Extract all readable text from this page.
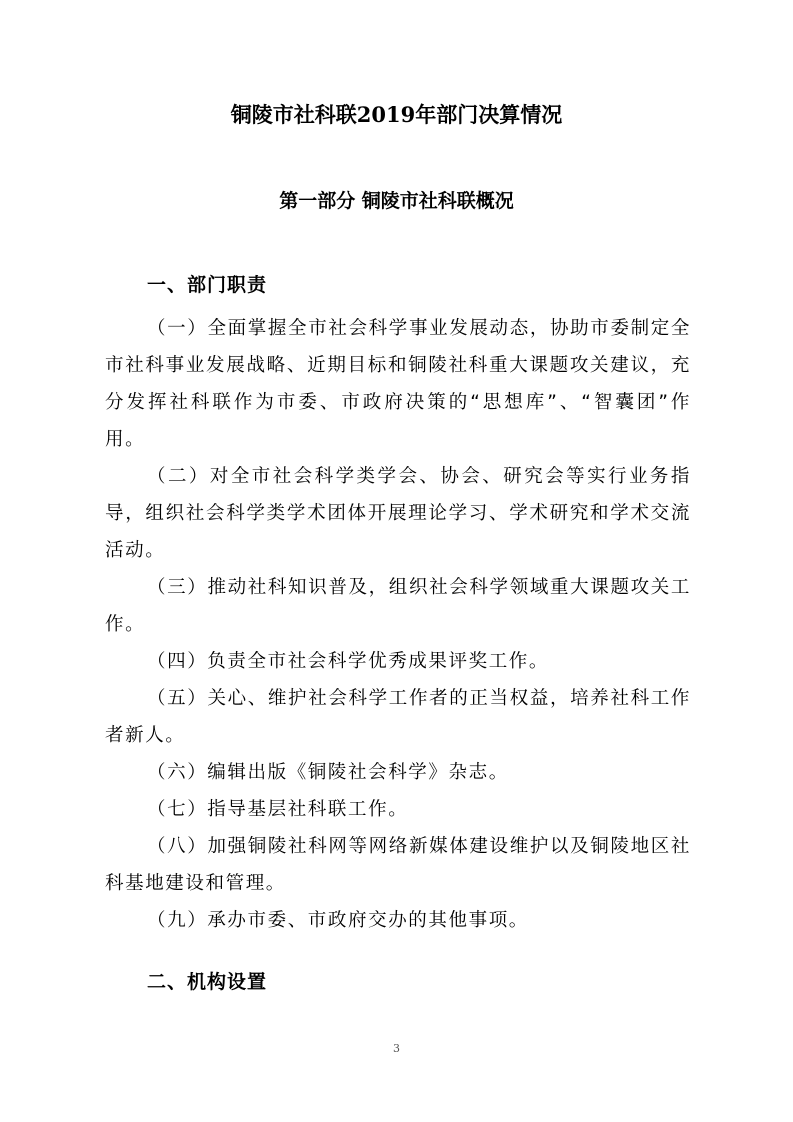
铜陵市社科联2019年部门决算情况
第一部分 铜陵市社科联概况
一、部门职责

（一）全面掌握全市社会科学事业发展动态，协助市委制定全市社科事业发展战略、近期目标和铜陵社科重大课题攻关建议，充分发挥社科联作为市委、市政府决策的“思想库”、“智囊团”作用。

（二）对全市社会科学类学会、协会、研究会等实行业务指导，组织社会科学类学术团体开展理论学习、学术研究和学术交流活动。

（三）推动社科知识普及，组织社会科学领域重大课题攻关工作。

（四）负责全市社会科学优秀成果评奖工作。

（五）关心、维护社会科学工作者的正当权益，培养社科工作者新人。

（六）编辑出版《铜陵社会科学》杂志。

（七）指导基层社科联工作。

（八）加强铜陵社科网等网络新媒体建设维护以及铜陵地区社科基地建设和管理。

（九）承办市委、市政府交办的其他事项。

二、机构设置
3
